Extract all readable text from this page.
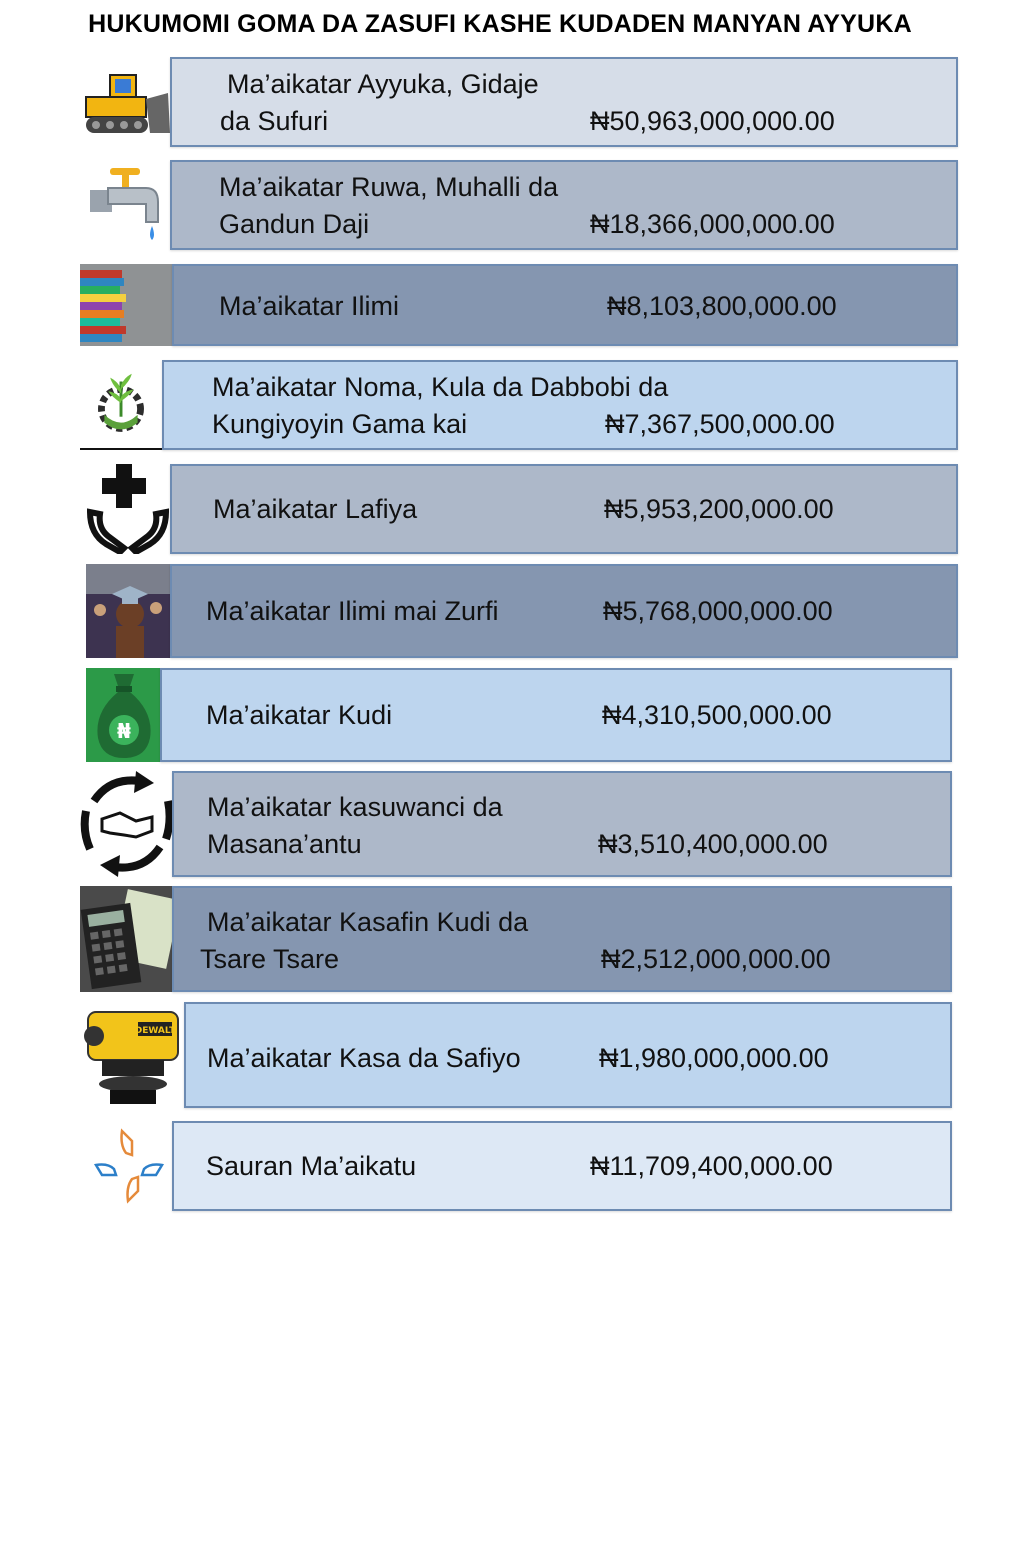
HUKUMOMI GOMA DA ZASUFI KASHE KUDADEN MANYAN AYYUKA
Ma’aikatar Ayyuka, Gidaje
da Sufuri	₦50,963,000,000.00
Ma’aikatar Ruwa, Muhalli da
Gandun Daji	₦18,366,000,000.00
Ma’aikatar Ilimi	₦8,103,800,000.00
Ma’aikatar Noma, Kula da Dabbobi da
Kungiyoyin Gama kai	₦7,367,500,000.00
Ma’aikatar Lafiya	₦5,953,200,000.00
Ma’aikatar Ilimi mai Zurfi	₦5,768,000,000.00
₦
Ma’aikatar Kudi	₦4,310,500,000.00
Ma’aikatar kasuwanci da
Masana’antu	₦3,510,400,000.00
Ma’aikatar Kasafin Kudi da
Tsare Tsare	₦2,512,000,000.00
DEWALT
Ma’aikatar Kasa da Safiyo	₦1,980,000,000.00
Sauran Ma’aikatu	₦11,709,400,000.00
